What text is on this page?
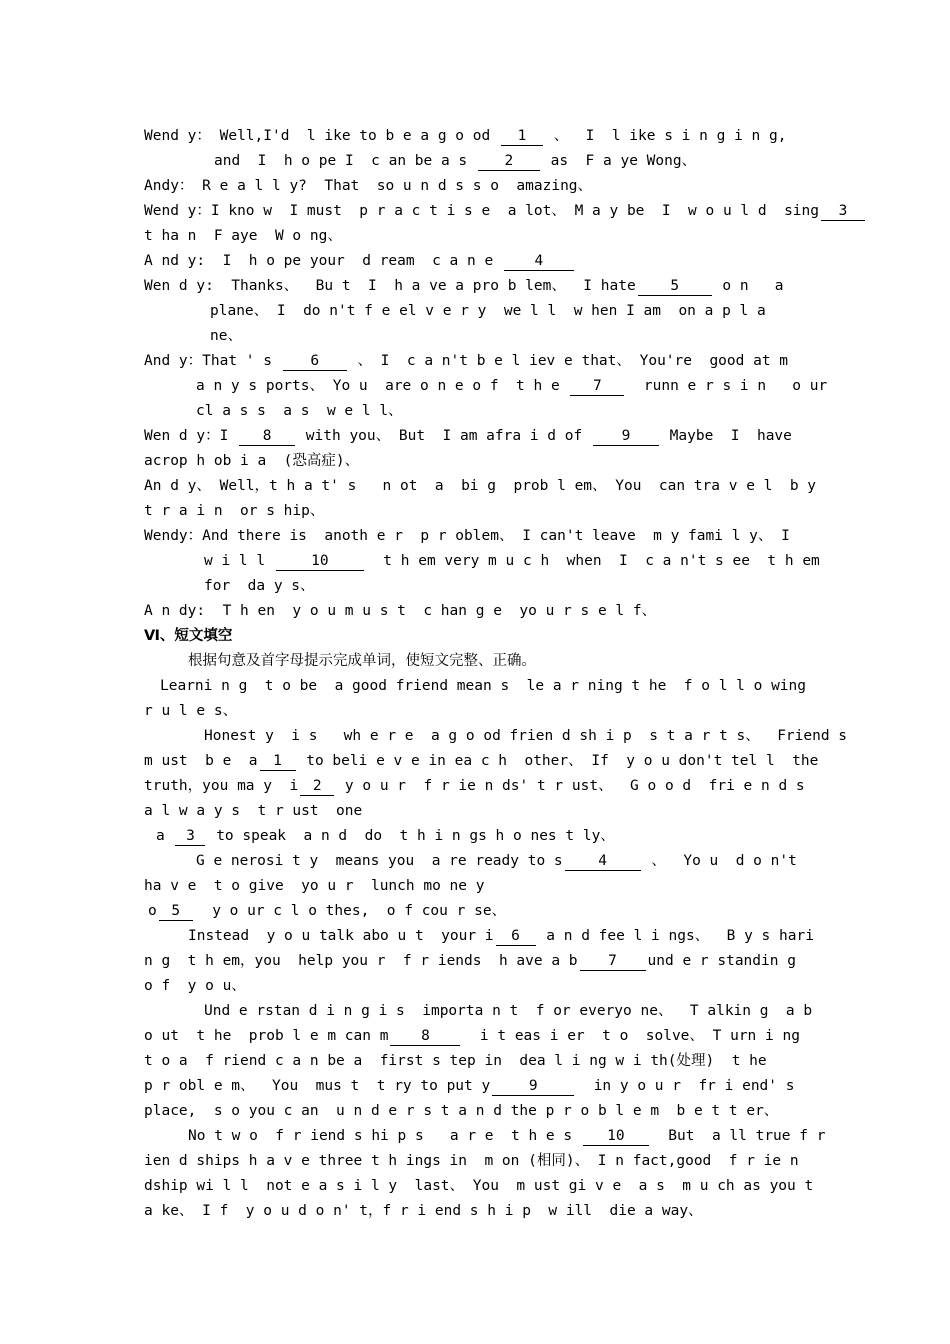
Wend y： Well,I'd  l ike to b e a g o od 1 、  I  l ike s i n g i n g,
and  I  h o pe I  c an be a s 2 as  F a ye Wong、
Andy： R e a l l y?  That  so u n d s s o  amazing、
Wend y：I kno w  I must  p r a c t i s e  a lot、 M a y be  I  w o u l d  sing 3
t ha n  F aye  W o ng、
A nd y:  I  h o pe your  d ream  c a n e 4
Wen d y:  Thanks、  Bu t  I  h a ve a pro b lem、  I hate 5 o n   a
plane、 I  do n't f e el v e r y  we l l  w hen I am  on a p l a
ne、
And y：That ' s 6 、 I  c a n't b e l iev e that、 You're  good at m
a n y s ports、 Yo u  are o n e o f  t h e 7  runn e r s i n   o ur
cl a s s  a s  w e l l、
Wen d y：I 8 with you、 But  I am afra i d of 9 Maybe  I  have
acrop h ob i a  (恐高症)、
An d y、 Well，t h a t' s   n ot  a  bi g  prob l em、 You  can tra v e l  b y
t r a i n  or s hip、
Wendy：And there is  anoth e r  p r oblem、 I can't leave  m y fami l y、 I
w i l l	10	t h em very m u c h  when  I  c a n't s ee  t h em
for  da y s、
A n dy:  T h en  y o u m u s t  c han g e  yo u r s e l f、
Ⅵ、短文填空
根据句意及首字母提示完成单词，使短文完整、正确。
Learni n g  t o be  a good friend mean s  le a r ning t he  f o l l o wing
r u l e s、
Honest y  i s   wh e r e  a g o od frien d sh i p  s t a r t s、  Friend s
m ust  b e  a 1 to beli e v e in ea c h  other、 If  y o u don't tel l  the
truth，you ma y  i 2 y o u r  f r ie n ds' t r ust、  G o o d  fri e n d s
a l w a y s  t r ust  one
a 3 to speak  a n d  do  t h i n gs h o nes t ly、
G e nerosi t y  means you  a re ready to s 4 、  Yo u  d o n't
ha v e  t o give  yo u r  lunch mo ne y
o 5  y o ur c l o thes,  o f cou r se、
Instead  y o u talk abo u t  your i 6 a n d fee l i ngs、  B y s hari
n g  t h em，you  help you r  f r iends  h ave a b 7 und e r standin g
o f  y o u、
Und e rstan d i n g i s  importa n t  f or everyo ne、  T alkin g  a b
o ut  t he  prob l e m can m 8  i t eas i er  t o  solve、 T urn i ng
t o a  f riend c a n be a  first s tep in  dea l i ng w i th(处理)  t he
p r obl e m、  You  mus t  t ry to put y	9	in y o u r  fr i end' s
place,  s o you c an  u n d e r s t a n d the p r o b l e m  b e t t er、
No t w o  f r iend s hi p s   a r e  t h e s 10  But  a ll true f r
ien d ships h a v e three t h ings in  m on (相同)、 I n fact,good  f r ie n
dship wi l l  not e a s i l y  last、 You  m ust gi v e  a s  m u ch as you t
a ke、 I f  y o u d o n' t，f r i end s h i p  w ill  die a way、
